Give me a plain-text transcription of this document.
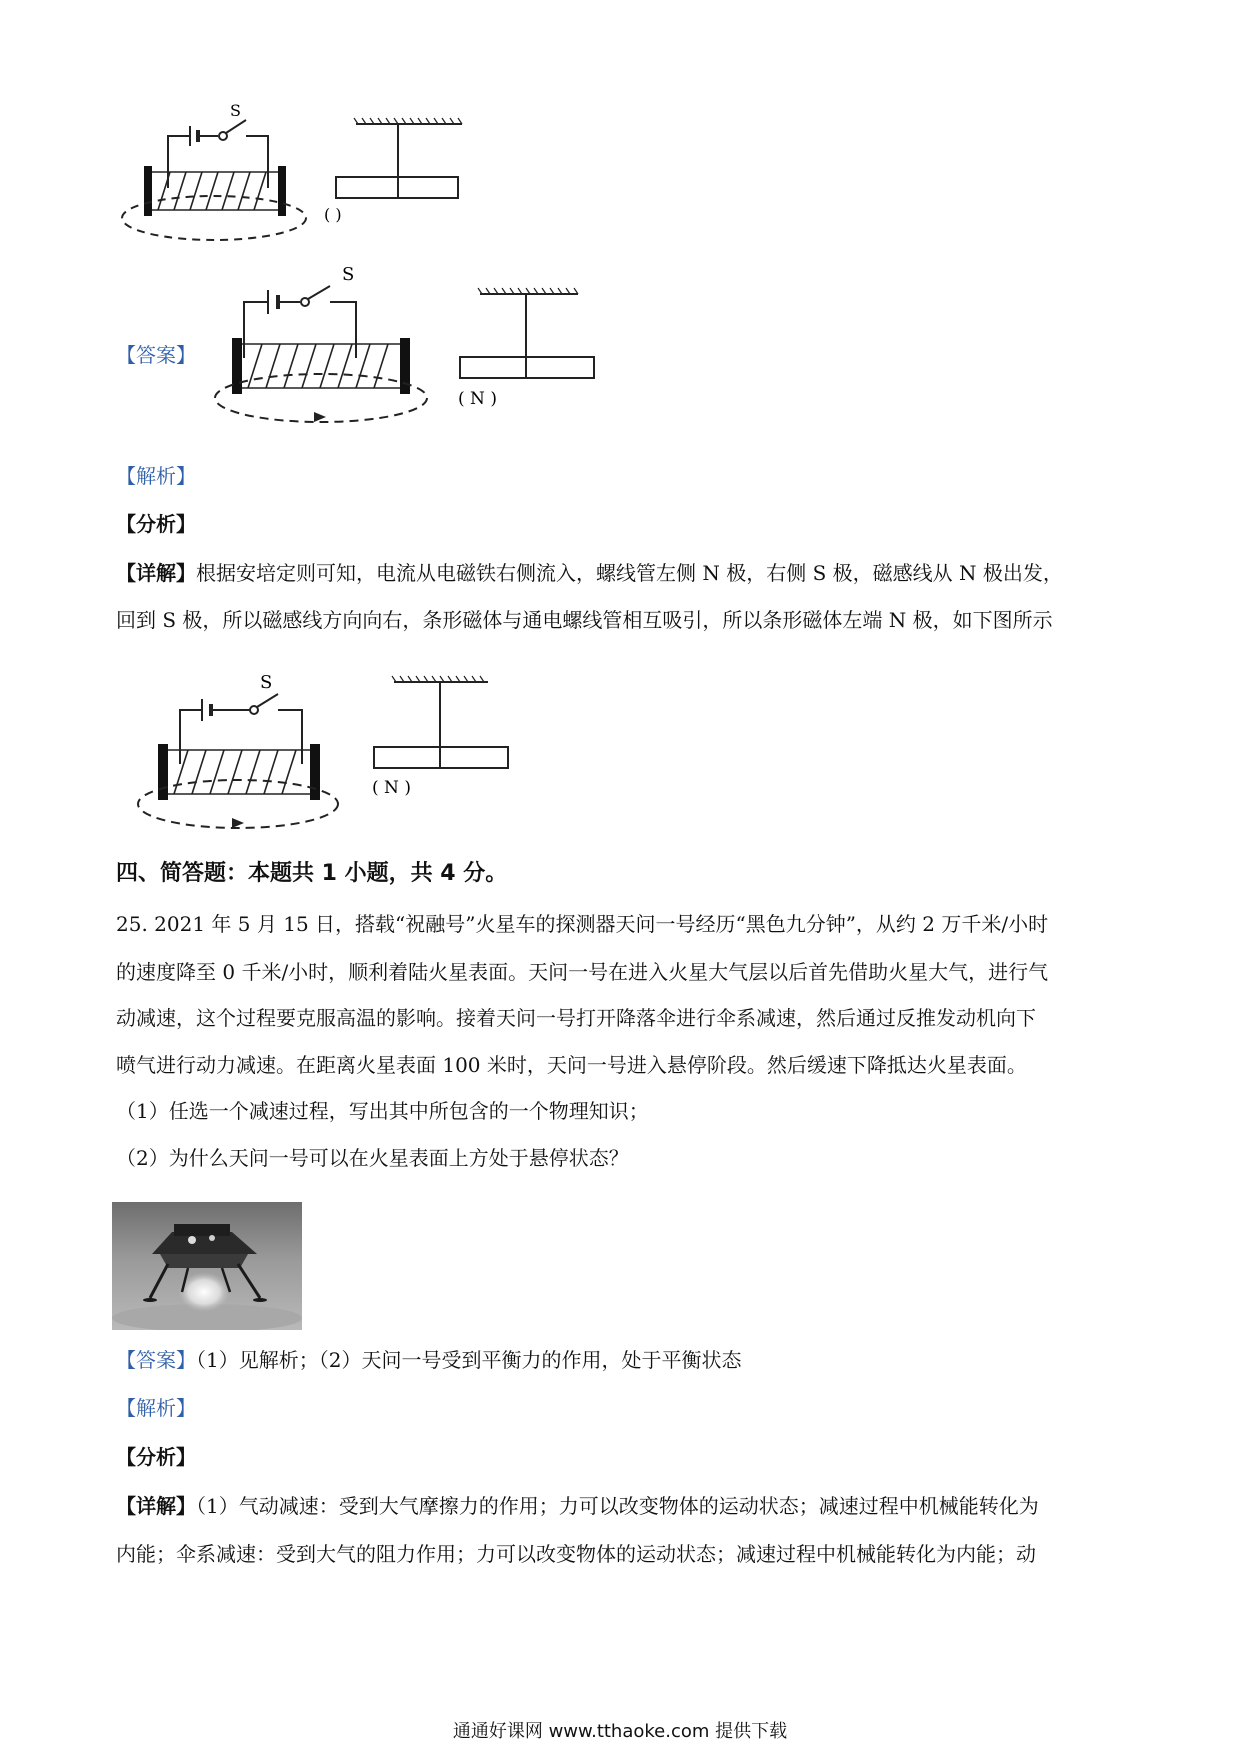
S
( )
【答案】
S
( N )
【解析】
【分析】
【详解】根据安培定则可知，电流从电磁铁右侧流入，螺线管左侧 N 极，右侧 S 极，磁感线从 N 极出发，
回到 S 极，所以磁感线方向向右，条形磁体与通电螺线管相互吸引，所以条形磁体左端 N 极，如下图所示
S
( N )
四、简答题：本题共 1 小题，共 4 分。
25. 2021 年 5 月 15 日，搭载“祝融号”火星车的探测器天问一号经历“黑色九分钟”，从约 2 万千米/小时
的速度降至 0 千米/小时，顺利着陆火星表面。天问一号在进入火星大气层以后首先借助火星大气，进行气
动减速，这个过程要克服高温的影响。接着天问一号打开降落伞进行伞系减速，然后通过反推发动机向下
喷气进行动力减速。在距离火星表面 100 米时，天问一号进入悬停阶段。然后缓速下降抵达火星表面。
（1）任选一个减速过程，写出其中所包含的一个物理知识；
（2）为什么天问一号可以在火星表面上方处于悬停状态？
【答案】（1）见解析；（2）天问一号受到平衡力的作用，处于平衡状态
【解析】
【分析】
【详解】（1）气动减速：受到大气摩擦力的作用；力可以改变物体的运动状态；减速过程中机械能转化为
内能；伞系减速：受到大气的阻力作用；力可以改变物体的运动状态；减速过程中机械能转化为内能；动
通通好课网 www.tthaoke.com 提供下载
